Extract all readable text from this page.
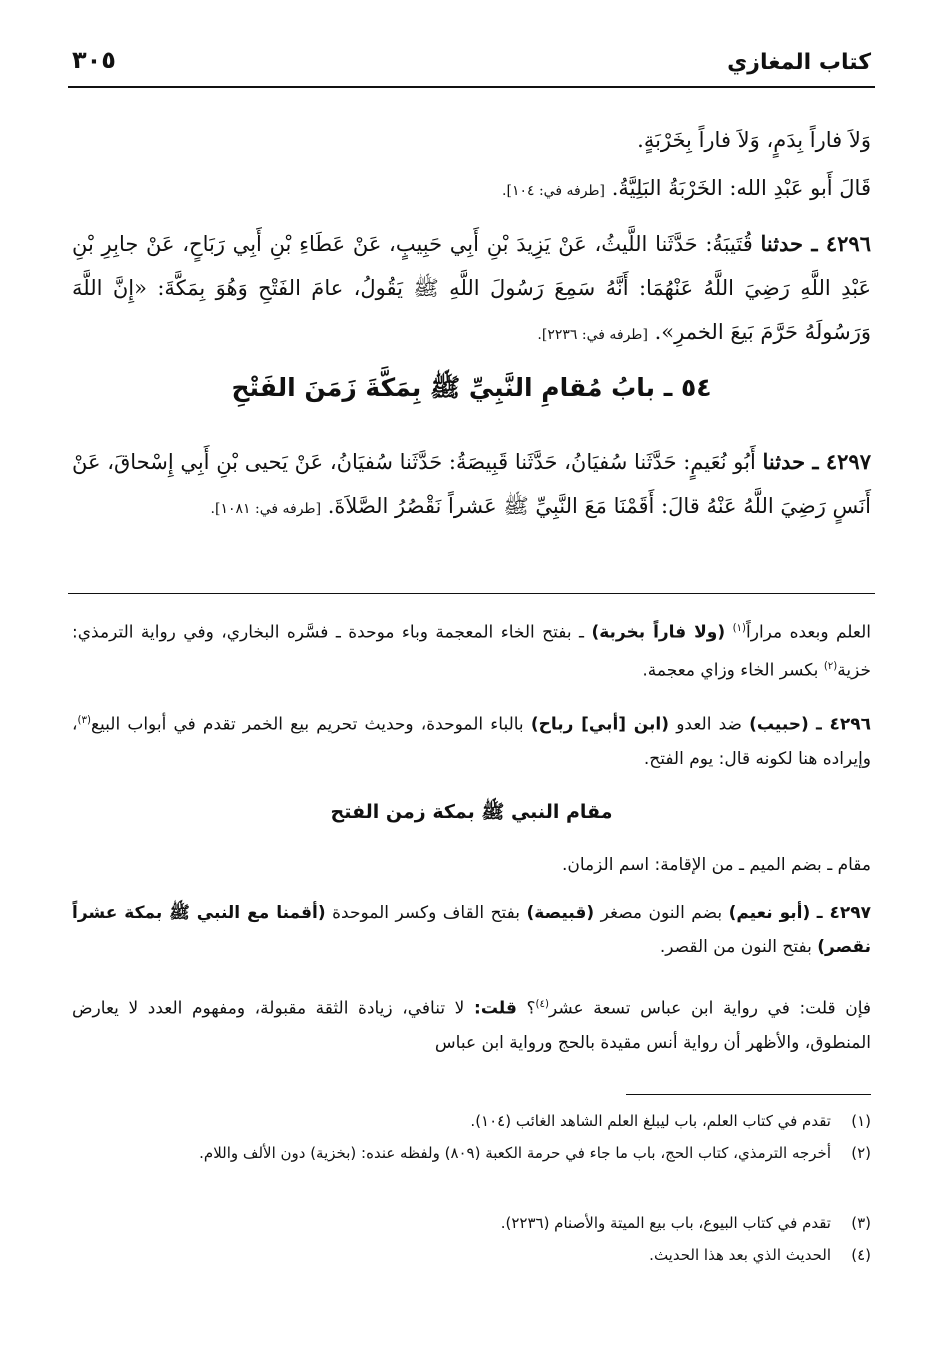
كتاب المغازي
٣٠٥
وَلاَ فاراً بِدَمٍ، وَلاَ فاراً بِخَرْبَةٍ.
قَالَ أَبو عَبْدِ الله: الخَرْبَةُ البَلِيَّةُ. [طرفه في: ١٠٤].
٤٢٩٦ ـ حدثنا قُتَيبَةُ: حَدَّثَنا اللَّيثُ، عَنْ يَزِيدَ بْنِ أَبِي حَبِيبٍ، عَنْ عَطَاءِ بْنِ أَبِي رَبَاحٍ، عَنْ جابِرِ بْنِ عَبْدِ اللَّهِ رَضِيَ اللَّهُ عَنْهُمَا: أَنَّهُ سَمِعَ رَسُولَ اللَّهِ ﷺ يَقُولُ، عامَ الفَتْحِ وَهُوَ بِمَكَّةَ: «إِنَّ اللَّهَ وَرَسُولَهُ حَرَّمَ بَيعَ الخمرِ». [طرفه في: ٢٢٣٦].
٥٤ ـ بابُ مُقامِ النَّبِيِّ ﷺ بِمَكَّةَ زَمَنَ الفَتْحِ
٤٢٩٧ ـ حدثنا أَبُو نُعَيمٍ: حَدَّثَنا سُفيَانُ، حَدَّثَنا قَبِيصَةُ: حَدَّثَنا سُفيَانُ، عَنْ يَحيى بْنِ أَبِي إِسْحاقَ، عَنْ أَنَسٍ رَضِيَ اللَّهُ عَنْهُ قالَ: أَقَمْنَا مَعَ النَّبِيِّ ﷺ عَشراً نَقْصُرُ الصَّلاَةَ. [طرفه في: ١٠٨١].
العلم وبعده مراراً$^{(١)}$ (ولا فاراً بخربة) ـ بفتح الخاء المعجمة وباء موحدة ـ فسَّره البخاري، وفي رواية الترمذي: خزية$^{(٢)}$ بكسر الخاء وزاي معجمة.
٤٢٩٦ ـ (حبيب) ضد العدو (ابن [أبي] رباح) بالباء الموحدة، وحديث تحريم بيع الخمر تقدم في أبواب البيع$^{(٣)}$، وإيراده هنا لكونه قال: يوم الفتح.
مقام النبي ﷺ بمكة زمن الفتح
مقام ـ بضم الميم ـ من الإقامة: اسم الزمان.
٤٢٩٧ ـ (أبو نعيم) بضم النون مصغر (قبيصة) بفتح القاف وكسر الموحدة (أقمنا مع النبي ﷺ بمكة عشراً نقصر) بفتح النون من القصر.
فإن قلت: في رواية ابن عباس تسعة عشر$^{(٤)}$؟ قلت: لا تنافي، زيادة الثقة مقبولة، ومفهوم العدد لا يعارض المنطوق، والأظهر أن رواية أنس مقيدة بالحج ورواية ابن عباس
(١)
تقدم في كتاب العلم، باب ليبلغ العلم الشاهد الغائب (١٠٤).
(٢)
أخرجه الترمذي، كتاب الحج، باب ما جاء في حرمة الكعبة (٨٠٩) ولفظه عنده: (بخزية) دون الألف واللام.
(٣)
تقدم في كتاب البيوع، باب بيع الميتة والأصنام (٢٢٣٦).
(٤)
الحديث الذي بعد هذا الحديث.
